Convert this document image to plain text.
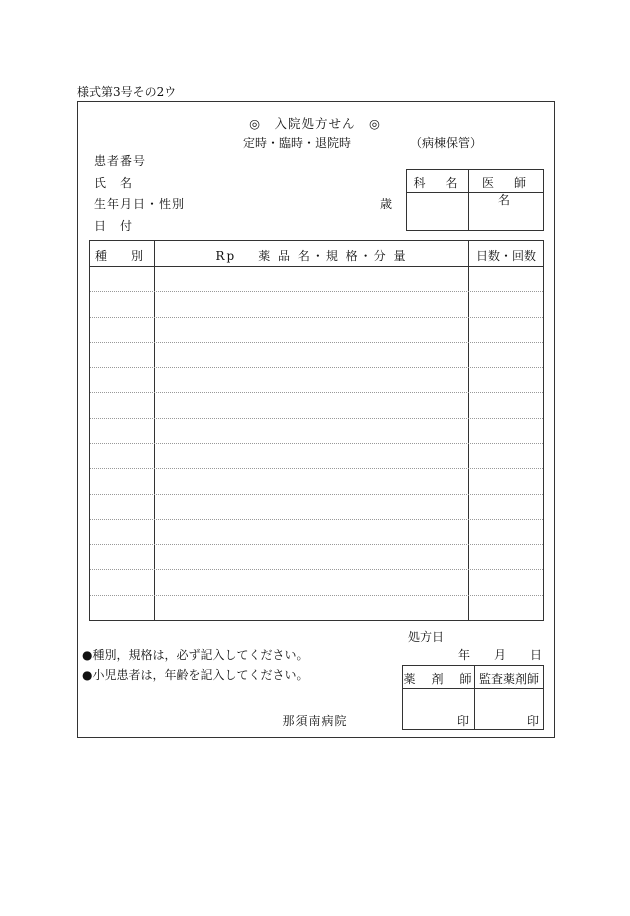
様式第3号その2ウ
◎　入院処方せん　◎
定時・臨時・退院時	（病棟保管）
患者番号
氏　名
生年月日・性別	歳
日　付
科　名	医　師　名
種　別	Rp 薬 品 名・規 格・分 量	日数・回数
処方日
年　　月　　日
●種別，規格は，必ず記入してください。
●小児患者は，年齢を記入してください。	薬　剤　師 監査薬剤師
印	印
那須南病院
